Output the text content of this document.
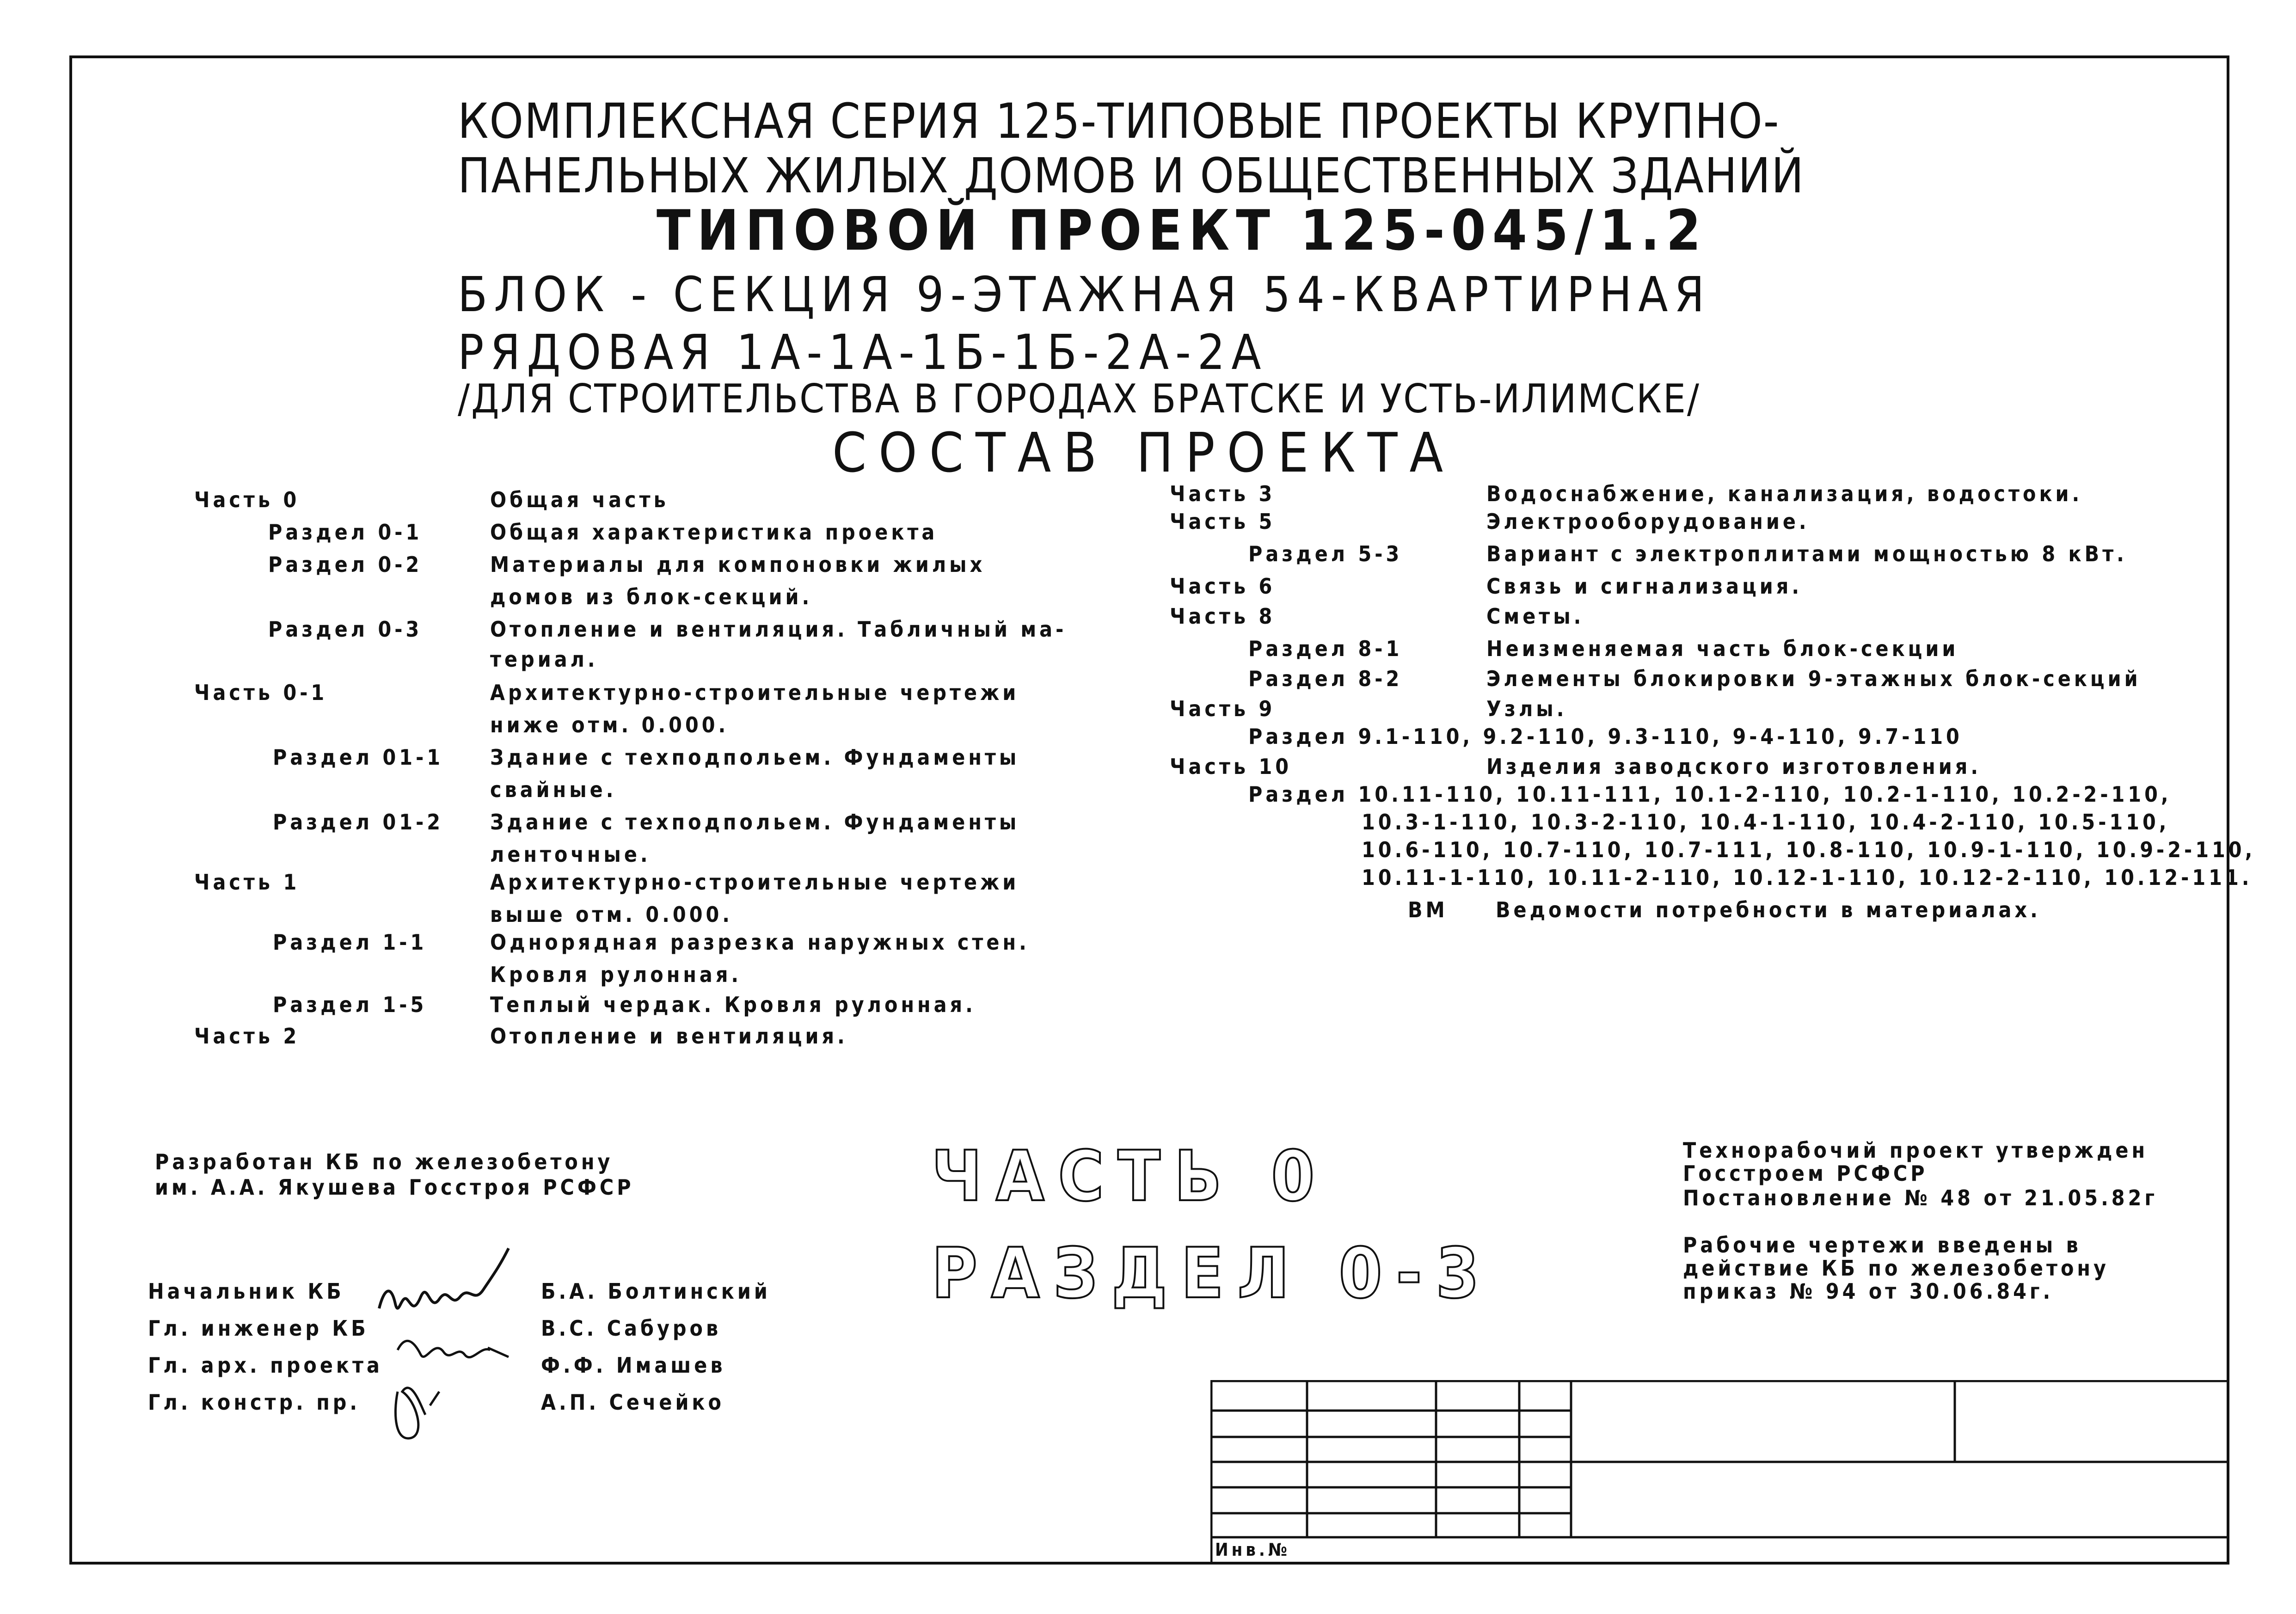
КОМПЛЕКСНАЯ СЕРИЯ 125-ТИПОВЫЕ ПРОЕКТЫ КРУПНО-
ПАНЕЛЬНЫХ ЖИЛЫХ ДОМОВ И ОБЩЕСТВЕННЫХ ЗДАНИЙ
ТИПОВОЙ ПРОЕКТ 125-045/1.2
БЛОК - СЕКЦИЯ 9-ЭТАЖНАЯ 54-КВАРТИРНАЯ
РЯДОВАЯ 1А-1А-1Б-1Б-2А-2А
/ДЛЯ СТРОИТЕЛЬСТВА В ГОРОДАХ БРАТСКЕ И УСТЬ-ИЛИМСКЕ/
СОСТАВ ПРОЕКТА
Часть 0	Общая часть
Раздел 0-1	Общая характеристика проекта
Раздел 0-2	Материалы для компоновки жилых
домов из блок-секций.
Раздел 0-3	Отопление и вентиляция. Табличный ма-
териал.
Часть 0-1	Архитектурно-строительные чертежи
ниже отм. 0.000.
Раздел 01-1 Здание с техподпольем. Фундаменты
свайные.
Раздел 01-2 Здание с техподпольем. Фундаменты
ленточные.
Часть 1	Архитектурно-строительные чертежи
выше отм. 0.000.
Раздел 1-1	Однорядная разрезка наружных стен.
Кровля рулонная.
Раздел 1-5	Теплый чердак. Кровля рулонная.
Часть 2	Отопление и вентиляция.
Часть 3	Водоснабжение, канализация, водостоки.
Часть 5	Электрооборудование.
Раздел 5-3	Вариант с электроплитами мощностью 8 кВт.
Часть 6	Связь и сигнализация.
Часть 8	Сметы.
Раздел 8-1	Неизменяемая часть блок-секции
Раздел 8-2	Элементы блокировки 9-этажных блок-секций
Часть 9	Узлы.
Раздел 9.1-110, 9.2-110, 9.3-110, 9-4-110, 9.7-110
Часть 10	Изделия заводского изготовления.
Раздел 10.11-110, 10.11-111, 10.1-2-110, 10.2-1-110, 10.2-2-110,
10.3-1-110, 10.3-2-110, 10.4-1-110, 10.4-2-110, 10.5-110,
10.6-110, 10.7-110, 10.7-111, 10.8-110, 10.9-1-110, 10.9-2-110,
10.11-1-110, 10.11-2-110, 10.12-1-110, 10.12-2-110, 10.12-111.
ВМ Ведомости потребности в материалах.
Разработан КБ по железобетону
им. А.А. Якушева Госстроя РСФСР	ЧАСТЬ 0
РАЗДЕЛ 0-3
Технорабочий проект утвержден
Госстроем РСФСР
Постановление № 48 от 21.05.82г
Рабочие чертежи введены в
действие КБ по железобетону
приказ № 94 от 30.06.84г.
Начальник КБ	Б.А. Болтинский
Гл. инженер КБ	В.С. Сабуров
Гл. арх. проекта	Ф.Ф. Имашев
Гл. констр. пр.	А.П. Сечейко
Инв.№
